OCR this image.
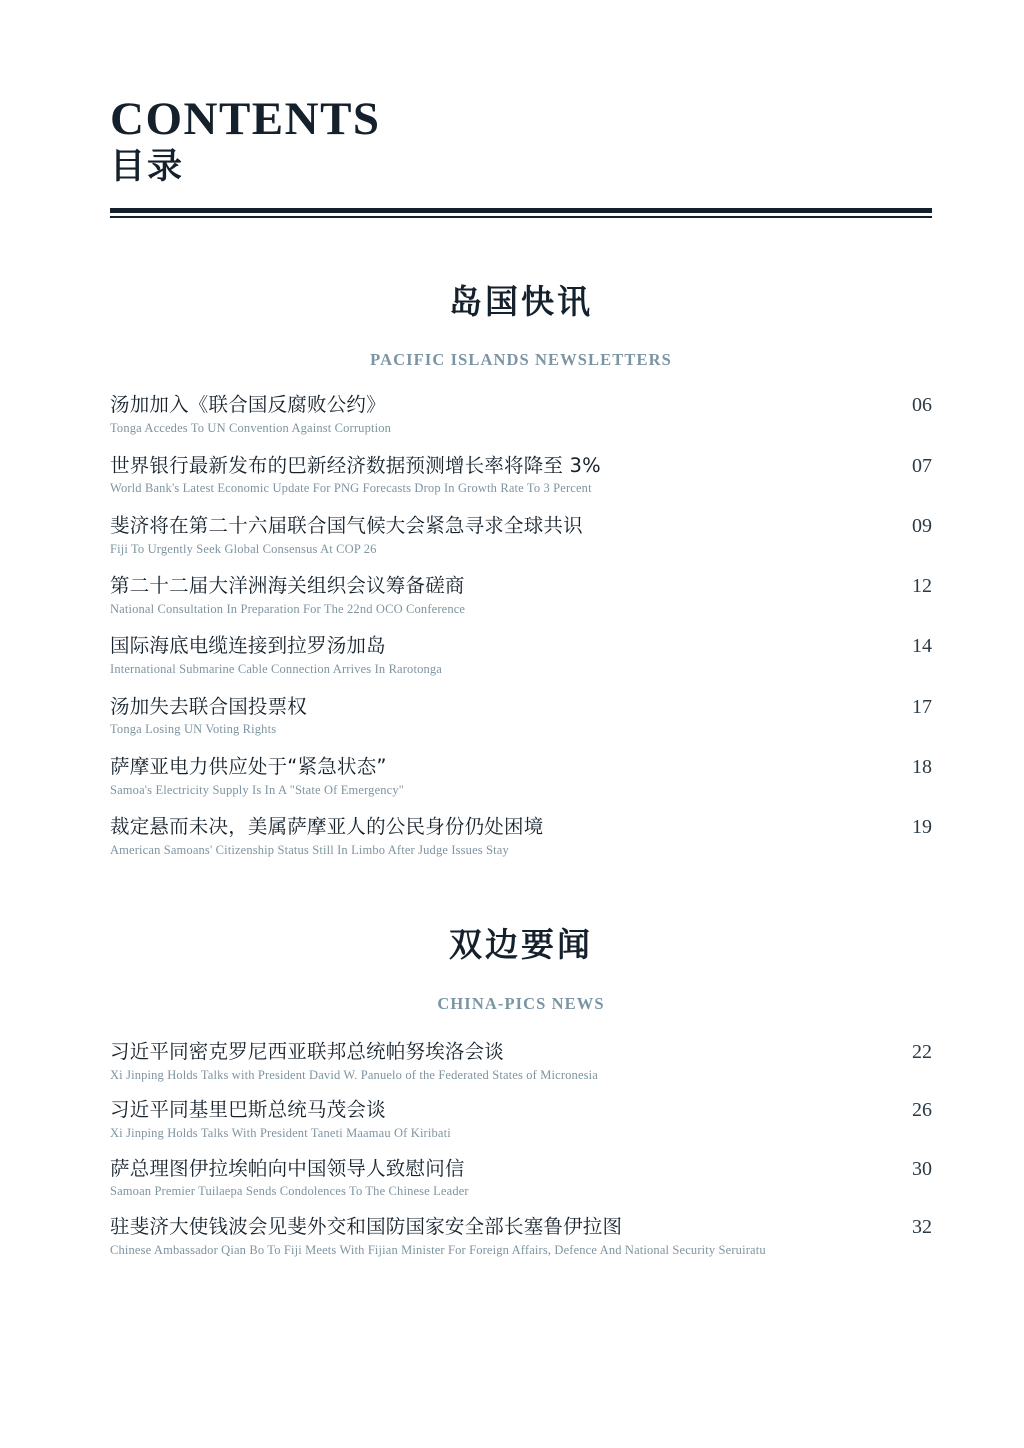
CONTENTS
目录
岛国快讯
PACIFIC ISLANDS NEWSLETTERS
汤加加入《联合国反腐败公约》
Tonga Accedes To UN Convention Against Corruption
06
世界银行最新发布的巴新经济数据预测增长率将降至 3%
World Bank's Latest Economic Update For PNG Forecasts Drop In Growth Rate To 3 Percent
07
斐济将在第二十六届联合国气候大会紧急寻求全球共识
Fiji To Urgently Seek Global Consensus At COP 26
09
第二十二届大洋洲海关组织会议筹备磋商
National Consultation In Preparation For The 22nd OCO Conference
12
国际海底电缆连接到拉罗汤加岛
International Submarine Cable Connection Arrives In Rarotonga
14
汤加失去联合国投票权
Tonga Losing UN Voting Rights
17
萨摩亚电力供应处于“紧急状态”
Samoa's Electricity Supply Is In A "State Of Emergency"
18
裁定悬而未决，美属萨摩亚人的公民身份仍处困境
American Samoans' Citizenship Status Still In Limbo After Judge Issues Stay
19
双边要闻
CHINA-PICS NEWS
习近平同密克罗尼西亚联邦总统帕努埃洛会谈
Xi Jinping Holds Talks with President David W. Panuelo of the Federated States of Micronesia
22
习近平同基里巴斯总统马茂会谈
Xi Jinping Holds Talks With President Taneti Maamau Of Kiribati
26
萨总理图伊拉埃帕向中国领导人致慰问信
Samoan Premier Tuilaepa Sends Condolences To The Chinese Leader
30
驻斐济大使钱波会见斐外交和国防国家安全部长塞鲁伊拉图
Chinese Ambassador Qian Bo To Fiji Meets With Fijian Minister For Foreign Affairs, Defence And National Security Seruiratu
32
